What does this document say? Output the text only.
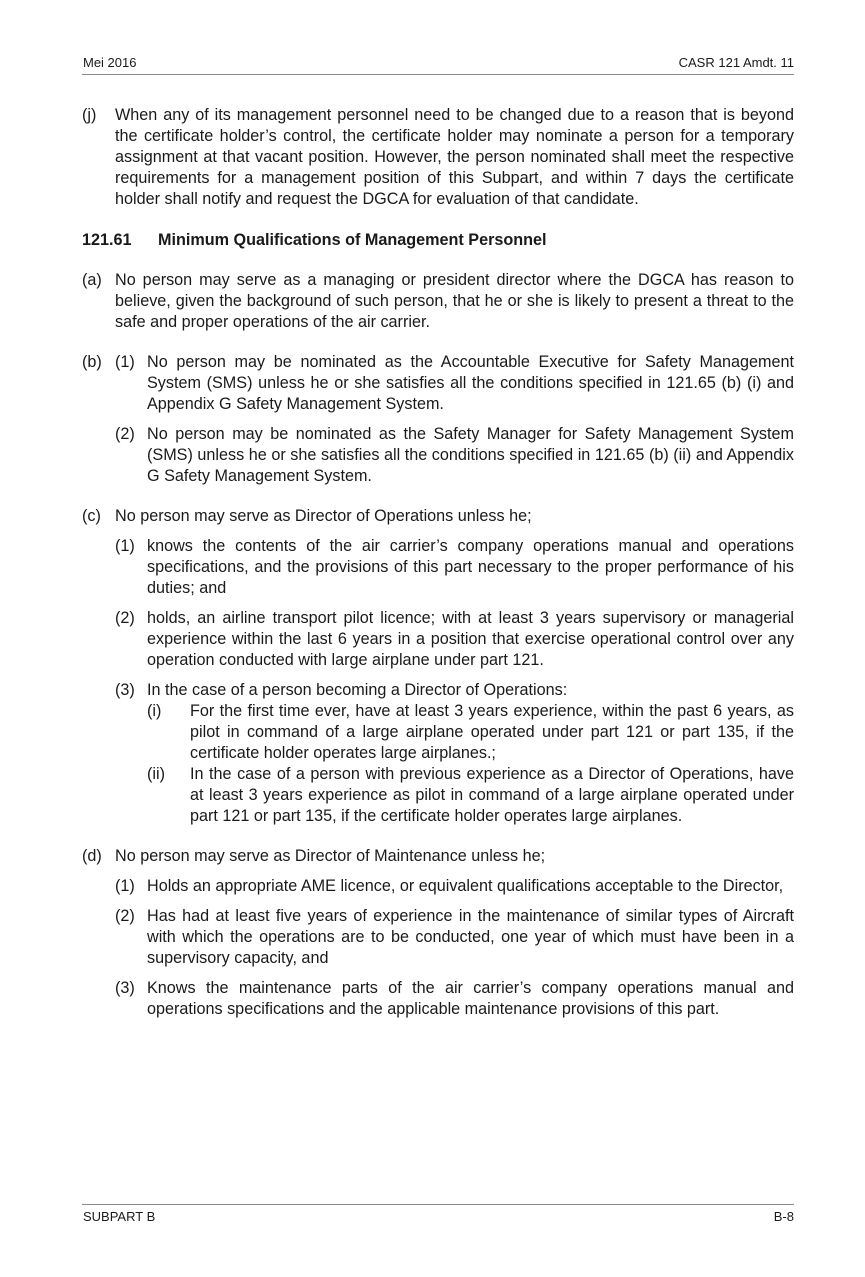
Mei 2016	CASR 121 Amdt. 11
(j) When any of its management personnel need to be changed due to a reason that is beyond the certificate holder’s control, the certificate holder may nominate a person for a temporary assignment at that vacant position. However, the person nominated shall meet the respective requirements for a management position of this Subpart, and within 7 days the certificate holder shall notify and request the DGCA for evaluation of that candidate.
121.61 Minimum Qualifications of Management Personnel
(a) No person may serve as a managing or president director where the DGCA has reason to believe, given the background of such person, that he or she is likely to present a threat to the safe and proper operations of the air carrier.
(b) (1) No person may be nominated as the Accountable Executive for Safety Management System (SMS) unless he or she satisfies all the conditions specified in 121.65 (b) (i) and Appendix G Safety Management System.
(2) No person may be nominated as the Safety Manager for Safety Management System (SMS) unless he or she satisfies all the conditions specified in 121.65 (b) (ii) and Appendix G Safety Management System.
(c) No person may serve as Director of Operations unless he;
(1) knows the contents of the air carrier’s company operations manual and operations specifications, and the provisions of this part necessary to the proper performance of his duties; and
(2) holds, an airline transport pilot licence; with at least 3 years supervisory or managerial experience within the last 6 years in a position that exercise operational control over any operation conducted with large airplane under part 121.
(3) In the case of a person becoming a Director of Operations:
(i) For the first time ever, have at least 3 years experience, within the past 6 years, as pilot in command of a large airplane operated under part 121 or part 135, if the certificate holder operates large airplanes.;
(ii) In the case of a person with previous experience as a Director of Operations, have at least 3 years experience as pilot in command of a large airplane operated under part 121 or part 135, if the certificate holder operates large airplanes.
(d) No person may serve as Director of Maintenance unless he;
(1) Holds an appropriate AME licence, or equivalent qualifications acceptable to the Director,
(2) Has had at least five years of experience in the maintenance of similar types of Aircraft with which the operations are to be conducted, one year of which must have been in a supervisory capacity, and
(3) Knows the maintenance parts of the air carrier’s company operations manual and operations specifications and the applicable maintenance provisions of this part.
SUBPART B	B-8
